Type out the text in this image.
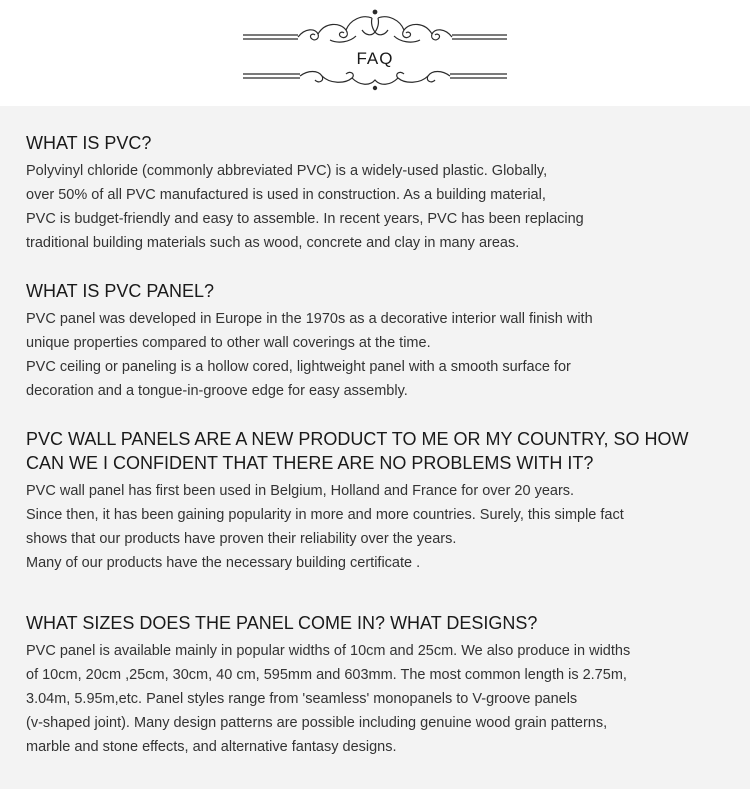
FAQ
WHAT IS PVC?
Polyvinyl chloride (commonly abbreviated PVC) is a widely-used plastic. Globally,
over 50% of all PVC manufactured is used in construction. As a building material,
PVC is budget-friendly and easy to assemble. In recent years, PVC has been replacing
traditional building materials such as wood, concrete and clay in many areas.
WHAT IS PVC PANEL?
PVC panel was developed in Europe in the 1970s as a decorative interior wall finish with
unique properties compared to other wall coverings at the time.
PVC ceiling or paneling is a hollow cored, lightweight panel with a smooth surface for
decoration and a tongue-in-groove edge for easy assembly.
PVC WALL PANELS ARE A NEW PRODUCT TO ME OR MY COUNTRY, SO HOW CAN WE I CONFIDENT THAT THERE ARE NO PROBLEMS WITH IT?
PVC wall panel has first been used in Belgium, Holland and France for over 20 years.
Since then, it has been gaining popularity in more and more countries. Surely, this simple fact
shows that our products have proven their reliability over the years.
Many of our products have the necessary building certificate .
WHAT SIZES DOES THE PANEL COME IN? WHAT DESIGNS?
PVC panel is available mainly in popular widths of 10cm and 25cm. We also produce in widths
of 10cm, 20cm ,25cm, 30cm, 40 cm, 595mm and 603mm. The most common length is 2.75m,
3.04m, 5.95m,etc. Panel styles range from 'seamless' monopanels to V-groove panels
(v-shaped joint). Many design patterns are possible including genuine wood grain patterns,
marble and stone effects, and alternative fantasy designs.
